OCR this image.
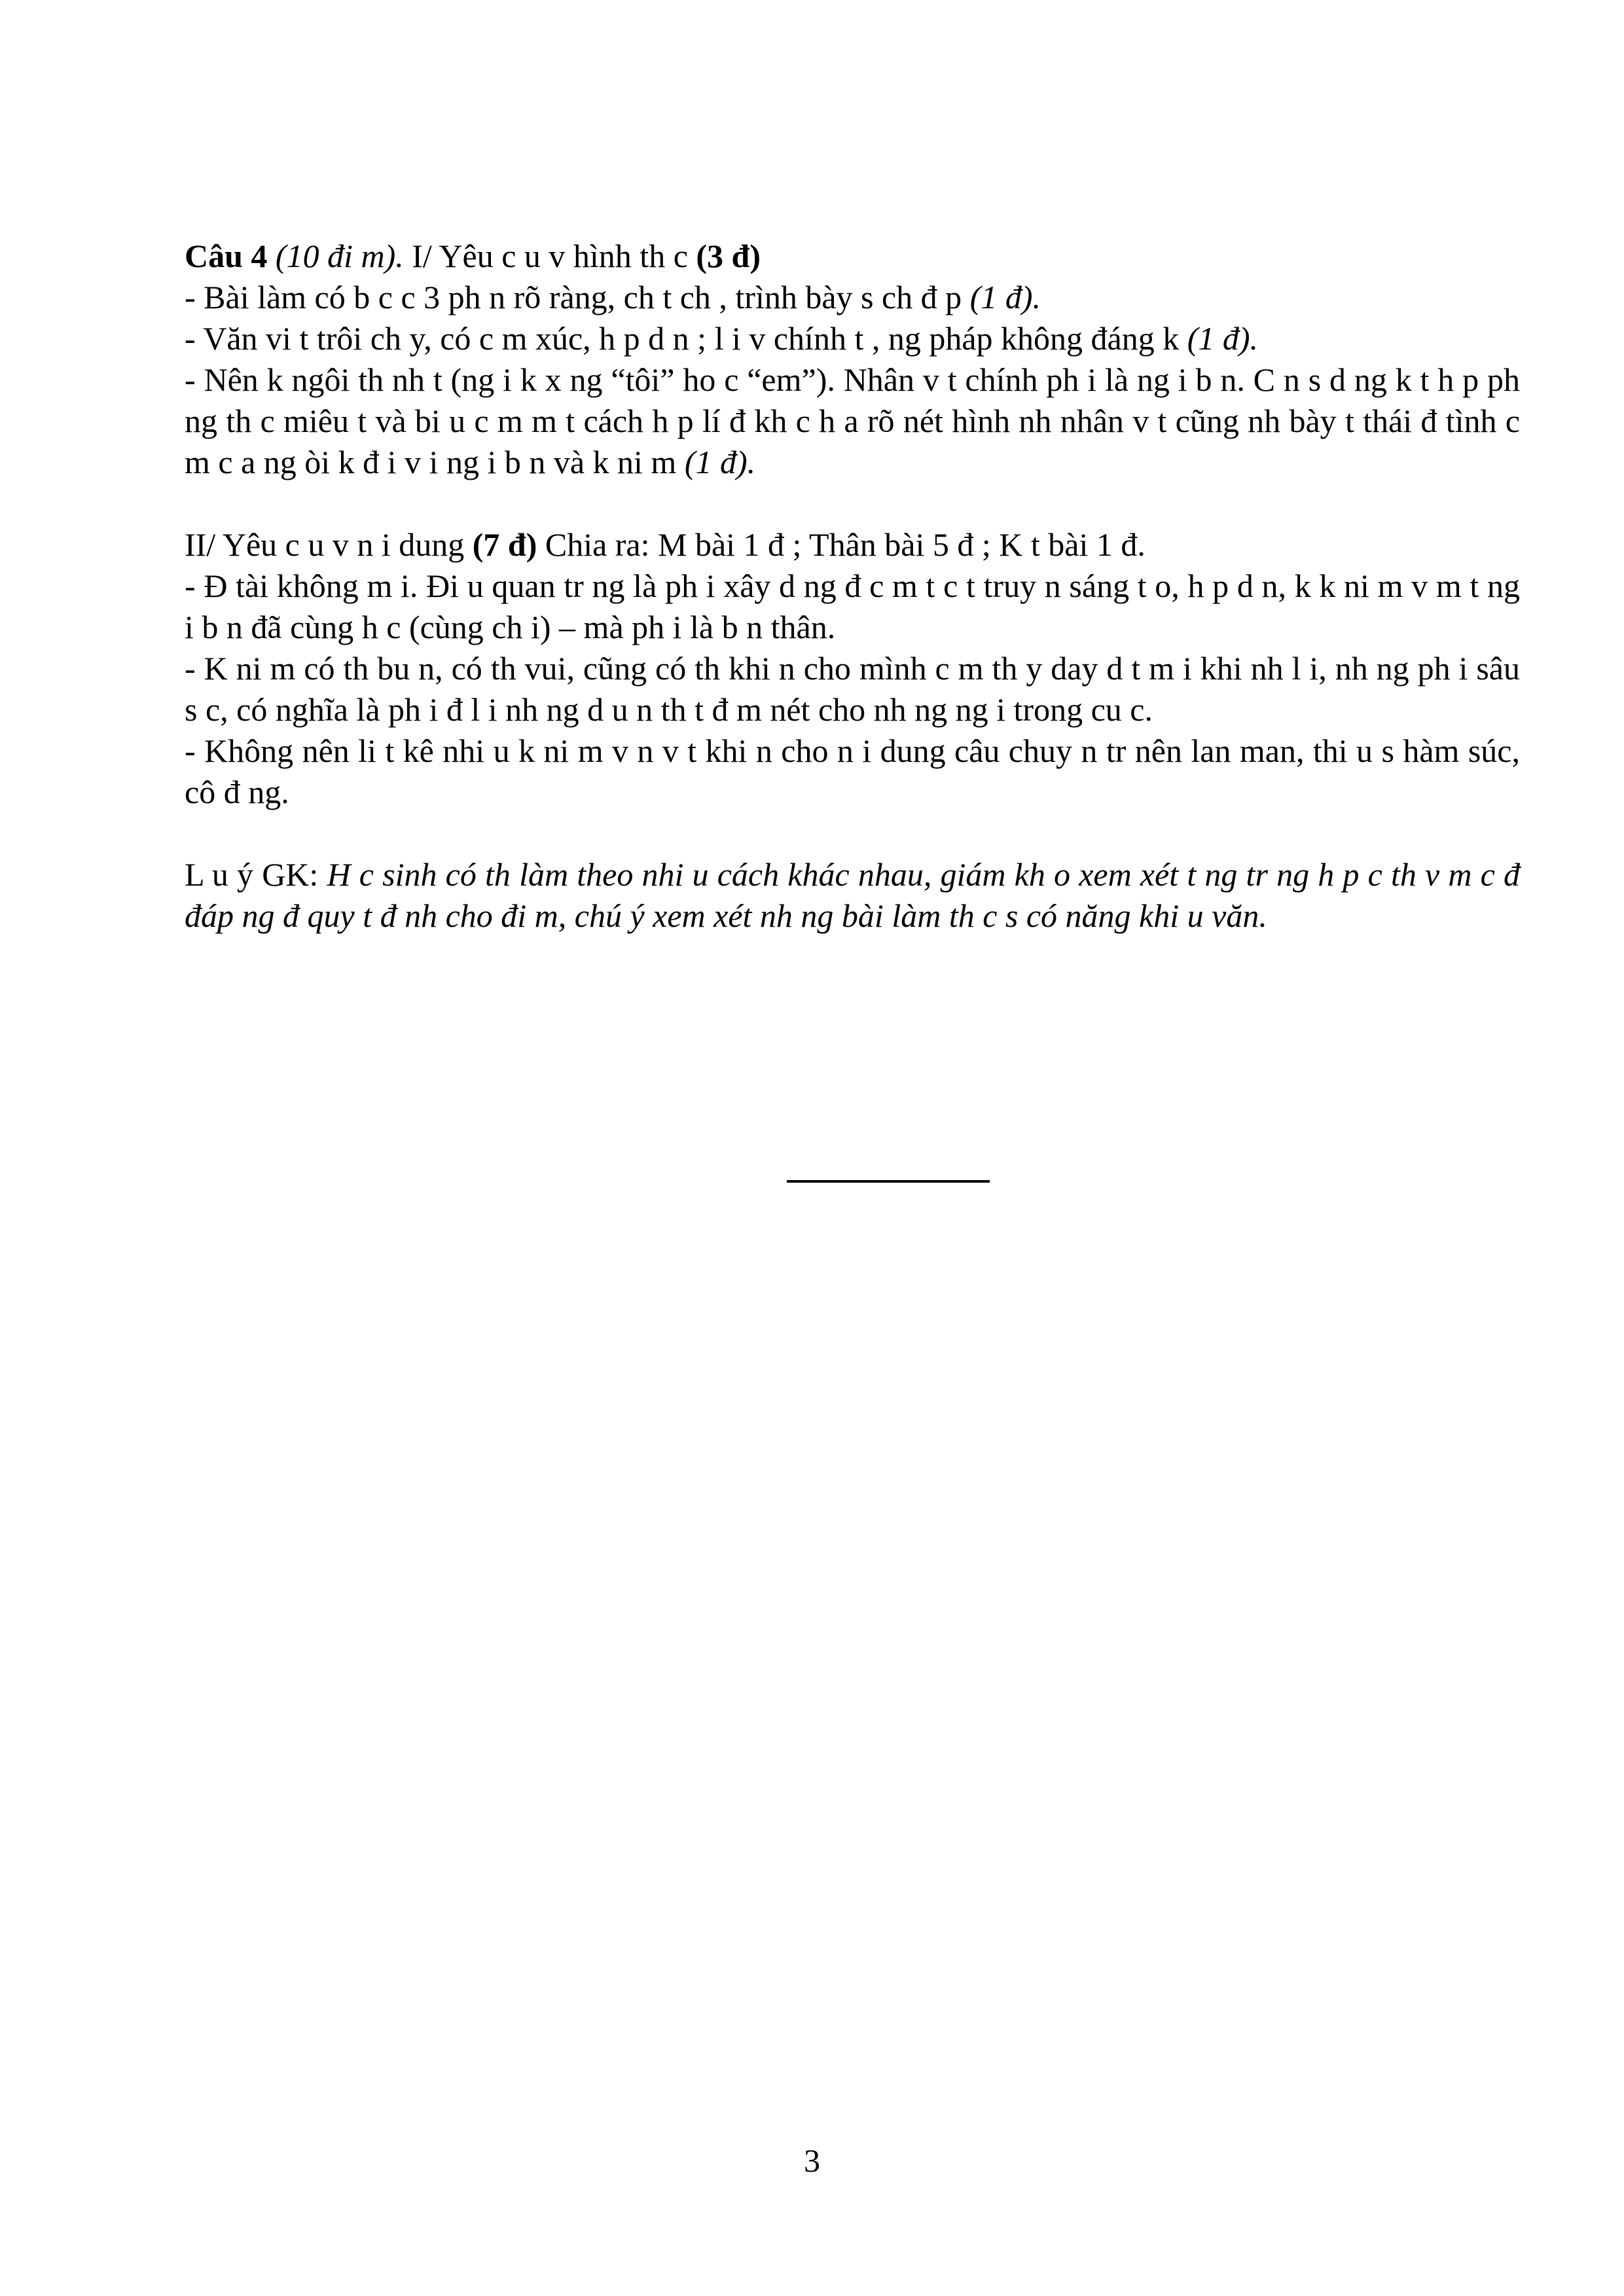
Câu 4 (10 đi m). I/ Yêu c u v hình th c (3 đ)

- Bài làm có b c c 3 ph n rõ ràng, ch t ch , trình bày s ch đ p (1 đ).

- Văn vi t trôi ch y, có c m xúc, h p d n ; l i v chính t , ng pháp không đáng k (1 đ).

- Nên k ngôi th nh t (ng i k x ng “tôi” ho c “em”). Nhân v t chính ph i là ng i b n. C n s d ng k t h p ph ng th c miêu t và bi u c m m t cách h p lí đ kh c h a rõ nét hình nh nhân v t cũng nh bày t thái đ tình c m c a ng òi k đ i v i ng i b n và k ni m (1 đ).

II/ Yêu c u v n i dung (7 đ) Chia ra: M bài 1 đ ; Thân bài 5 đ ; K t bài 1 đ.

- Đ tài không m i. Đi u quan tr ng là ph i xây d ng đ c m t c t truy n sáng t o, h p d n, k k ni m v m t ng i b n đã cùng h c (cùng ch i) – mà ph i là b n thân.

- K ni m có th bu n, có th vui, cũng có th khi n cho mình c m th y day d t m i khi nh l i, nh ng ph i sâu s c, có nghĩa là ph i đ l i nh ng d u n th t đ m nét cho nh ng ng i trong cu c.

- Không nên li t kê nhi u k ni m v n v t khi n cho n i dung câu chuy n tr nên lan man, thi u s hàm súc, cô đ ng.

L u ý GK: H c sinh có th làm theo nhi u cách khác nhau, giám kh o xem xét t ng tr ng h p c th v m c đ đáp ng đ quy t đ nh cho đi m, chú ý xem xét nh ng bài làm th c s có năng khi u văn.

3
